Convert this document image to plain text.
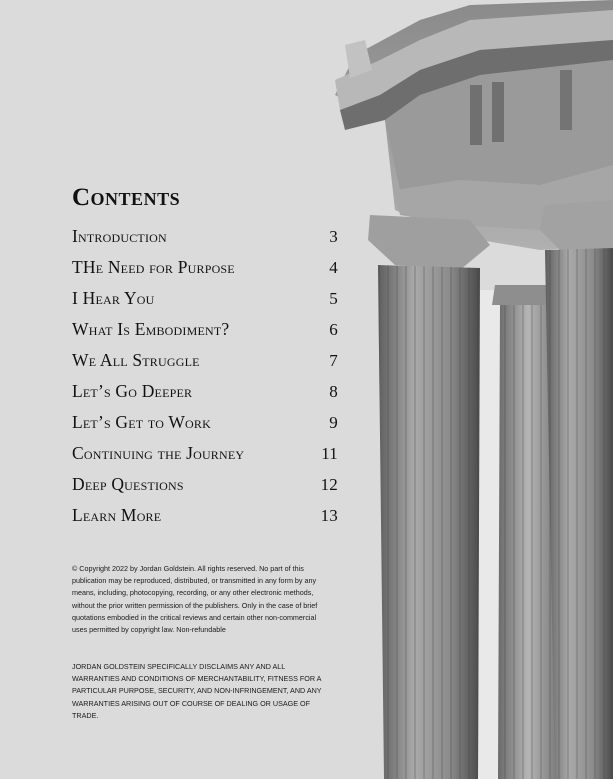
Contents
Introduction	3
THe Need for Purpose	4
I Hear You	5
What Is Embodiment?	6
We All Struggle	7
Let’s Go Deeper	8
Let’s Get to Work	9
Continuing the Journey	11
Deep Questions	12
Learn More	13

© Copyright 2022 by Jordan Goldstein. All rights reserved. No part of this publication may be reproduced, distributed, or transmitted in any form by any means, including, photocopying, recording, or any other electronic methods, without the prior written permission of the publishers. Only in the case of brief quotations embodied in the critical reviews and certain other non-commercial uses permitted by copyright law. Non-refundable

JORDAN GOLDSTEIN SPECIFICALLY DISCLAIMS ANY AND ALL WARRANTIES AND CONDITIONS OF MERCHANTABILITY, FITNESS FOR A PARTICULAR PURPOSE, SECURITY, AND NON-INFRINGEMENT, AND ANY WARRANTIES ARISING OUT OF COURSE OF DEALING OR USAGE OF TRADE.
